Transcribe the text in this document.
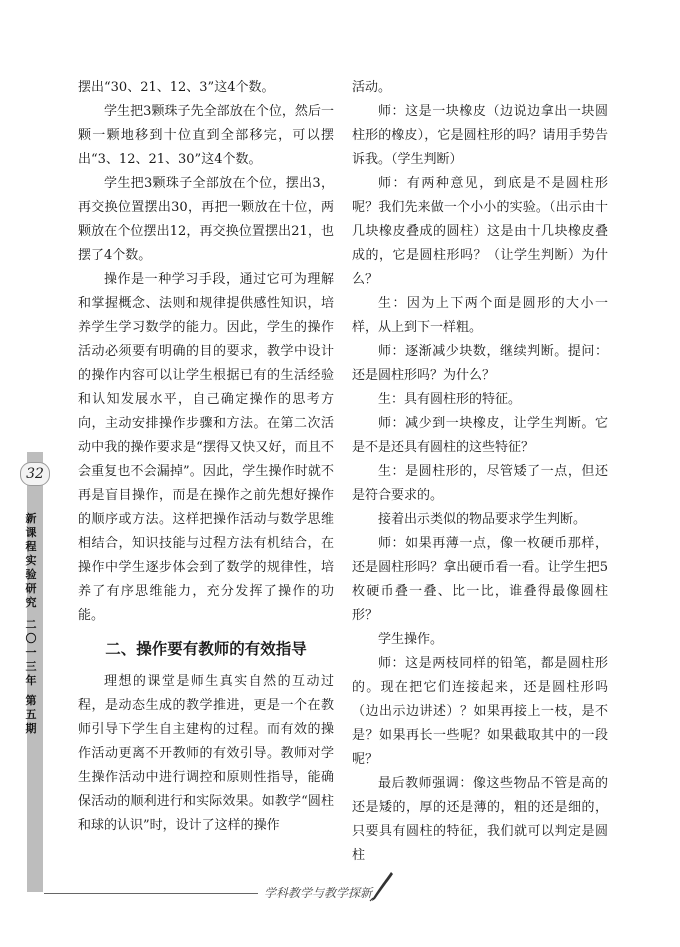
32
新课程实验研究
二〇一三年
第五期

摆出“30、21、12、3”这4个数。

学生把3颗珠子先全部放在个位，然后一颗一颗地移到十位直到全部移完，可以摆出“3、12、21、30”这4个数。

学生把3颗珠子全部放在个位，摆出3，再交换位置摆出30，再把一颗放在十位，两颗放在个位摆出12，再交换位置摆出21，也摆了4个数。

操作是一种学习手段，通过它可为理解和掌握概念、法则和规律提供感性知识，培养学生学习数学的能力。因此，学生的操作活动必须要有明确的目的要求，教学中设计的操作内容可以让学生根据已有的生活经验和认知发展水平，自己确定操作的思考方向，主动安排操作步骤和方法。在第二次活动中我的操作要求是“摆得又快又好，而且不会重复也不会漏掉”。因此，学生操作时就不再是盲目操作，而是在操作之前先想好操作的顺序或方法。这样把操作活动与数学思维相结合，知识技能与过程方法有机结合，在操作中学生逐步体会到了数学的规律性，培养了有序思维能力，充分发挥了操作的功能。

二、操作要有教师的有效指导

理想的课堂是师生真实自然的互动过程，是动态生成的教学推进，更是一个在教师引导下学生自主建构的过程。而有效的操作活动更离不开教师的有效引导。教师对学生操作活动中进行调控和原则性指导，能确保活动的顺利进行和实际效果。如教学“圆柱和球的认识”时，设计了这样的操作

活动。

师：这是一块橡皮（边说边拿出一块圆柱形的橡皮），它是圆柱形的吗？请用手势告诉我。（学生判断）

师：有两种意见，到底是不是圆柱形呢？我们先来做一个小小的实验。（出示由十几块橡皮叠成的圆柱）这是由十几块橡皮叠成的，它是圆柱形吗？（让学生判断）为什么？

生：因为上下两个面是圆形的大小一样，从上到下一样粗。

师：逐渐减少块数，继续判断。提问：还是圆柱形吗？为什么？

生：具有圆柱形的特征。

师：减少到一块橡皮，让学生判断。它是不是还具有圆柱的这些特征？

生：是圆柱形的，尽管矮了一点，但还是符合要求的。

接着出示类似的物品要求学生判断。

师：如果再薄一点，像一枚硬币那样，还是圆柱形吗？拿出硬币看一看。让学生把5枚硬币叠一叠、比一比，谁叠得最像圆柱形？

学生操作。

师：这是两枝同样的铅笔，都是圆柱形的。现在把它们连接起来，还是圆柱形吗（边出示边讲述）？如果再接上一枝，是不是？如果再长一些呢？如果截取其中的一段呢？

最后教师强调：像这些物品不管是高的还是矮的，厚的还是薄的，粗的还是细的，只要具有圆柱的特征，我们就可以判定是圆柱

学科教学与教学探新
